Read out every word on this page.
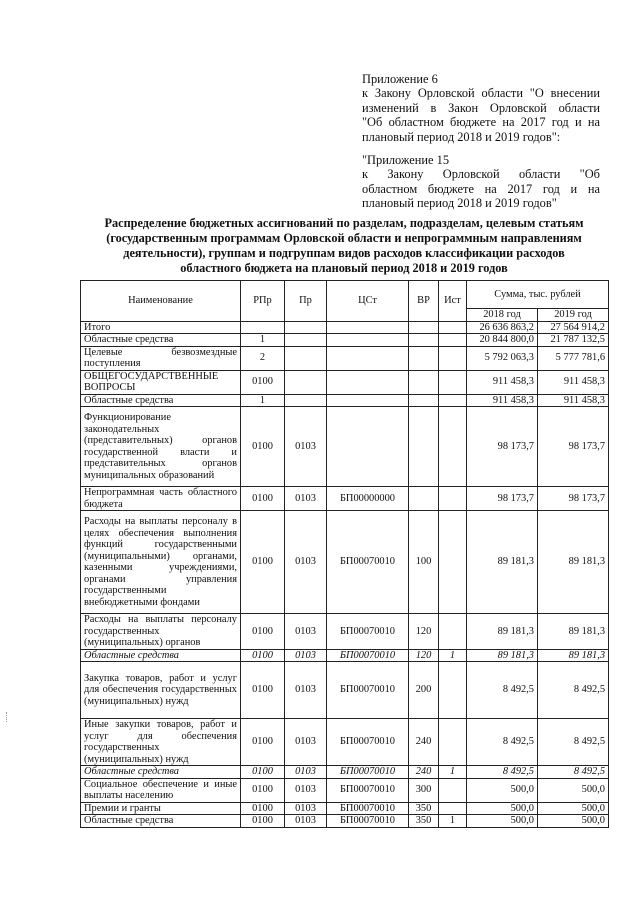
Приложение 6
к Закону Орловской области "О внесении
изменений в Закон Орловской области
"Об областном бюджете на 2017 год и на
плановый период 2018 и 2019 годов":
"Приложение 15
к Закону Орловской области "Об
областном бюджете на 2017 год и на
плановый период 2018 и 2019 годов"
Распределение бюджетных ассигнований по разделам, подразделам, целевым статьям
(государственным программам Орловской области и непрограммным направлениям
деятельности), группам и подгруппам видов расходов классификации расходов
областного бюджета на плановый период 2018 и 2019 годов
Наименование	РПр	Пр	ЦСт	ВР	Ист	Сумма, тыс. рублей	
						2018 год	2019 год
Итого						26 636 863,2	27 564 914,2
Областные средства	1					20 844 800,0	21 787 132,5
Целевые безвозмездные поступления	2					5 792 063,3	5 777 781,6
ОБЩЕГОСУДАРСТВЕННЫЕ ВОПРОСЫ	0100					911 458,3	911 458,3
Областные средства	1					911 458,3	911 458,3
Функционирование законодательных (представительных) органов государственной власти и представительных органов муниципальных образований	0100	0103				98 173,7	98 173,7
Непрограммная часть областного бюджета	0100	0103	БП00000000			98 173,7	98 173,7
Расходы на выплаты персоналу в целях обеспечения выполнения функций государственными (муниципальными) органами, казенными учреждениями, органами управления государственными внебюджетными фондами	0100	0103	БП00070010	100		89 181,3	89 181,3
Расходы на выплаты персоналу государственных (муниципальных) органов	0100	0103	БП00070010	120		89 181,3	89 181,3
Областные средства	0100	0103	БП00070010	120	1	89 181,3	89 181,3
Закупка товаров, работ и услуг для обеспечения государственных (муниципальных) нужд	0100	0103	БП00070010	200		8 492,5	8 492,5
Иные закупки товаров, работ и услуг для обеспечения государственных (муниципальных) нужд	0100	0103	БП00070010	240		8 492,5	8 492,5
Областные средства	0100	0103	БП00070010	240	1	8 492,5	8 492,5
Социальное обеспечение и иные выплаты населению	0100	0103	БП00070010	300		500,0	500,0
Премии и гранты	0100	0103	БП00070010	350		500,0	500,0
Областные средства	0100	0103	БП00070010	350	1	500,0	500,0
